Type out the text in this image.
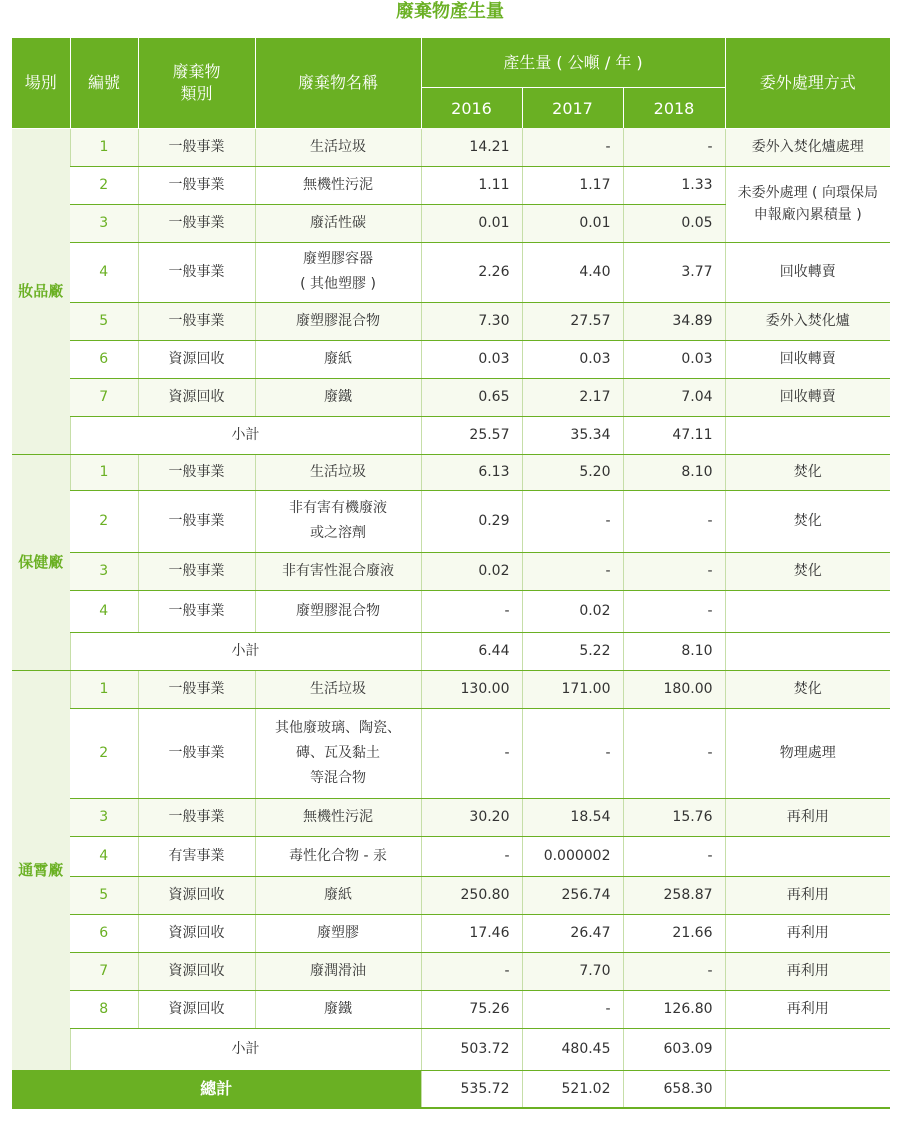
廢棄物產生量
場別	編號	廢棄物類別	廢棄物名稱	產生量 ( 公噸 / 年 )			委外處理方式
				2016	2017	2018	
妝品廠	1	一般事業	生活垃圾	14.21	-	-	委外入焚化爐處理
	2	一般事業	無機性污泥	1.11	1.17	1.33	未委外處理 ( 向環保局申報廠內累積量 )
	3	一般事業	廢活性碳	0.01	0.01	0.05	
	4	一般事業	廢塑膠容器
( 其他塑膠 )	2.26	4.40	3.77	回收轉賣
	5	一般事業	廢塑膠混合物	7.30	27.57	34.89	委外入焚化爐
	6	資源回收	廢紙	0.03	0.03	0.03	回收轉賣
	7	資源回收	廢鐵	0.65	2.17	7.04	回收轉賣
	小計			25.57	35.34	47.11	
保健廠	1	一般事業	生活垃圾	6.13	5.20	8.10	焚化
	2	一般事業	非有害有機廢液
或之溶劑	0.29	-	-	焚化
	3	一般事業	非有害性混合廢液	0.02	-	-	焚化
	4	一般事業	廢塑膠混合物	-	0.02	-	
	小計			6.44	5.22	8.10	
通霄廠	1	一般事業	生活垃圾	130.00	171.00	180.00	焚化
	2	一般事業	其他廢玻璃、陶瓷、
磚、瓦及黏土
等混合物	-	-	-	物理處理
	3	一般事業	無機性污泥	30.20	18.54	15.76	再利用
	4	有害事業	毒性化合物 - 汞	-	0.000002	-	
	5	資源回收	廢紙	250.80	256.74	258.87	再利用
	6	資源回收	廢塑膠	17.46	26.47	21.66	再利用
	7	資源回收	廢潤滑油	-	7.70	-	再利用
	8	資源回收	廢鐵	75.26	-	126.80	再利用
	小計			503.72	480.45	603.09	
總計				535.72	521.02	658.30	
